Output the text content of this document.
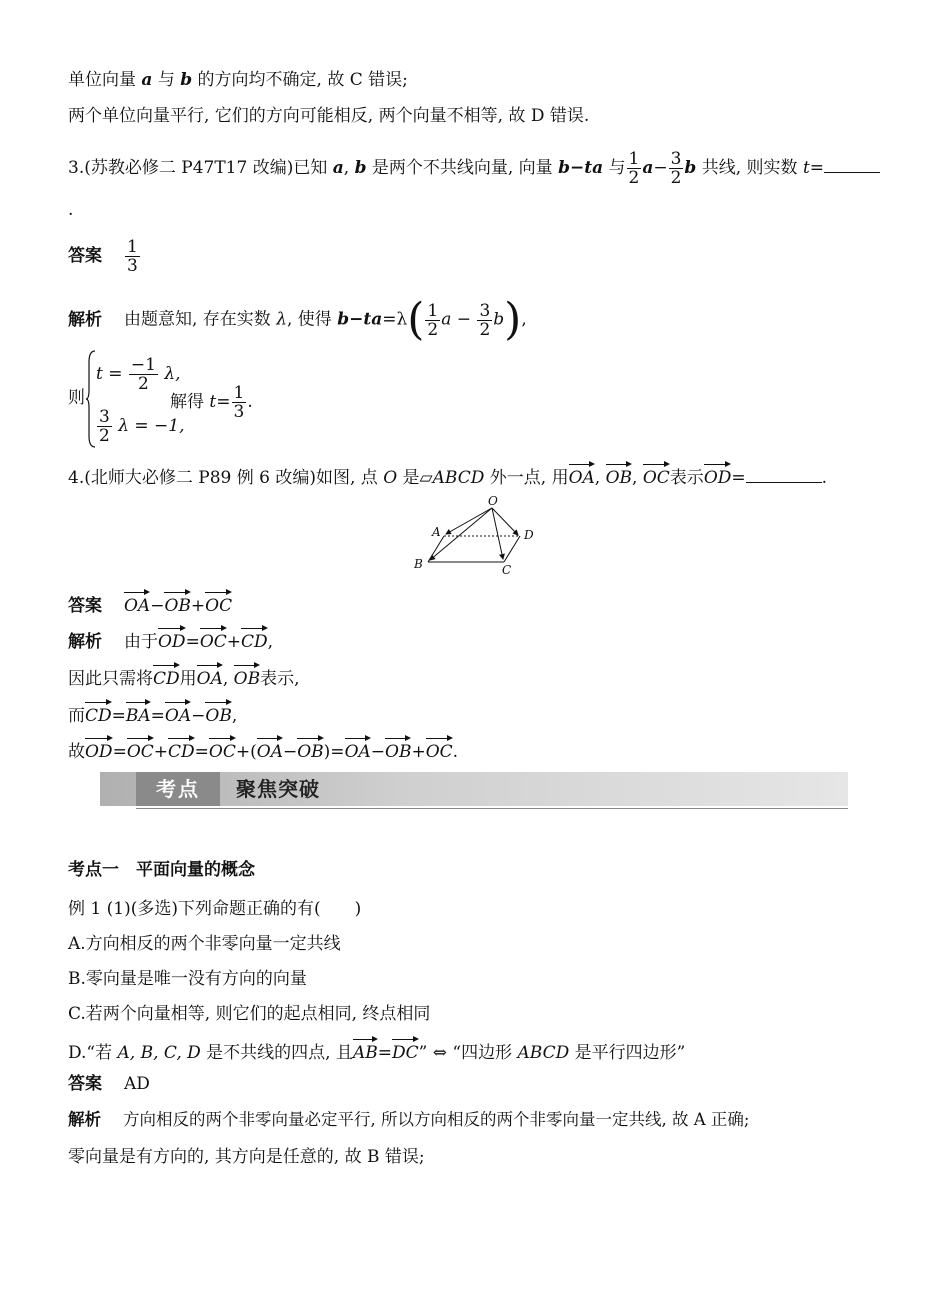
单位向量 a 与 b 的方向均不确定, 故 C 错误;
两个单位向量平行, 它们的方向可能相反, 两个向量不相等, 故 D 错误.
3.(苏教必修二 P47T17 改编)已知 a, b 是两个不共线向量, 向量 b−ta 与 $\frac{1}{2} a- \frac{3}{2}$ b 共线, 则实数 t=
.
答案 $\frac{1}{3}$
解析 由题意知, 存在实数 λ, 使得 $b-ta=\lambda( \frac{1}{2}$ $a - \frac{3}{2} b$),
则
$t = \frac{-1}{2} \lambda$,
$\frac{3}{2}$ λ = −1,
解得 $t= \frac{1}{3}$ .
4.(北师大必修二 P89 例 6 改编)如图, 点 O 是▱ABCD 外一点, 用OA, OB, OC表示OD=	.
O
A
B	C
D
答案 OA−OB+OC
解析 由于OD=OC+CD,
因此只需将CD用OA, OB表示,
而CD=BA=OA−OB,
故OD=OC+CD=OC+(OA−OB)=OA−OB+OC.
考点	聚焦突破
考点一　平面向量的概念
例 1 (1)(多选)下列命题正确的有(　　)
A.方向相反的两个非零向量一定共线
B.零向量是唯一没有方向的向量
C.若两个向量相等, 则它们的起点相同, 终点相同
D.“若 A, B, C, D 是不共线的四点, 且AB=DC” ⇔ “四边形 ABCD 是平行四边形”
答案 AD
解析 方向相反的两个非零向量必定平行, 所以方向相反的两个非零向量一定共线, 故 A 正确;
零向量是有方向的, 其方向是任意的, 故 B 错误;
